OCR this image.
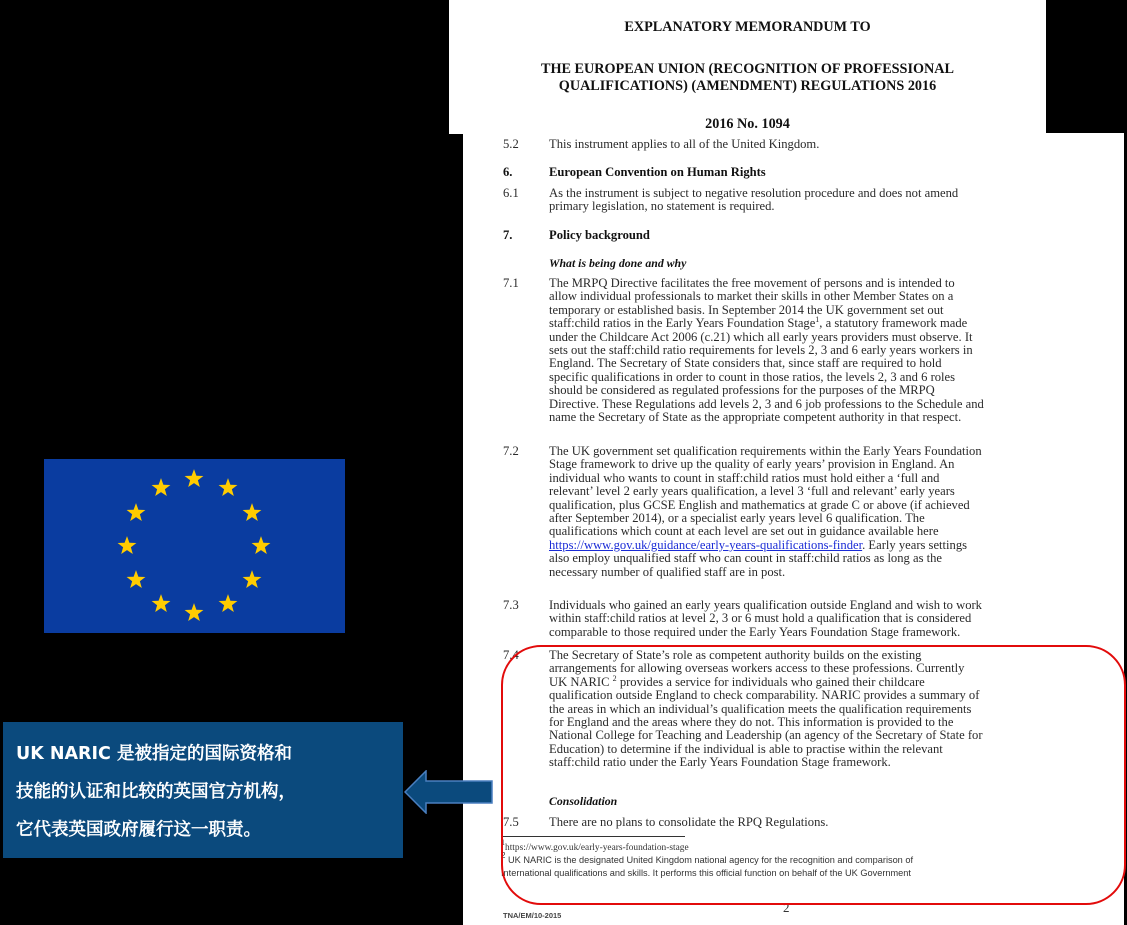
UK NARIC 是被指定的国际资格和
技能的认证和比较的英国官方机构，
它代表英国政府履行这一职责。
EXPLANATORY MEMORANDUM TO
THE EUROPEAN UNION (RECOGNITION OF PROFESSIONAL
QUALIFICATIONS) (AMENDMENT) REGULATIONS 2016
2016 No. 1094
5.2 This instrument applies to all of the United Kingdom.
6.	European Convention on Human Rights
6.1 As the instrument is subject to negative resolution procedure and does not amend
primary legislation, no statement is required.
7.	Policy background
What is being done and why
7.1 The MRPQ Directive facilitates the free movement of persons and is intended to
allow individual professionals to market their skills in other Member States on a
temporary or established basis. In September 2014 the UK government set out
staff:child ratios in the Early Years Foundation Stage$^1$, a statutory framework made
under the Childcare Act 2006 (c.21) which all early years providers must observe. It
sets out the staff:child ratio requirements for levels 2, 3 and 6 early years workers in
England. The Secretary of State considers that, since staff are required to hold
specific qualifications in order to count in those ratios, the levels 2, 3 and 6 roles
should be considered as regulated professions for the purposes of the MRPQ
Directive. These Regulations add levels 2, 3 and 6 job professions to the Schedule and
name the Secretary of State as the appropriate competent authority in that respect.
7.2 The UK government set qualification requirements within the Early Years Foundation
Stage framework to drive up the quality of early years’ provision in England. An
individual who wants to count in staff:child ratios must hold either a ‘full and
relevant’ level 2 early years qualification, a level 3 ‘full and relevant’ early years
qualification, plus GCSE English and mathematics at grade C or above (if achieved
after September 2014), or a specialist early years level 6 qualification. The
qualifications which count at each level are set out in guidance available here
https://www.gov.uk/guidance/early-years-qualifications-finder. Early years settings
also employ unqualified staff who can count in staff:child ratios as long as the
necessary number of qualified staff are in post.
7.3 Individuals who gained an early years qualification outside England and wish to work
within staff:child ratios at level 2, 3 or 6 must hold a qualification that is considered
comparable to those required under the Early Years Foundation Stage framework.
7.4 The Secretary of State’s role as competent authority builds on the existing
arrangements for allowing overseas workers access to these professions. Currently
UK NARIC $^2$ provides a service for individuals who gained their childcare
qualification outside England to check comparability. NARIC provides a summary of
the areas in which an individual’s qualification meets the qualification requirements
for England and the areas where they do not. This information is provided to the
National College for Teaching and Leadership (an agency of the Secretary of State for
Education) to determine if the individual is able to practise within the relevant
staff:child ratio under the Early Years Foundation Stage framework.
Consolidation
7.5 There are no plans to consolidate the RPQ Regulations.
$^1$https://www.gov.uk/early-years-foundation-stage
$^2$ UK NARIC is the designated United Kingdom national agency for the recognition and comparison of
International qualifications and skills. It performs this official function on behalf of the UK Government
2
TNA/EM/10-2015
